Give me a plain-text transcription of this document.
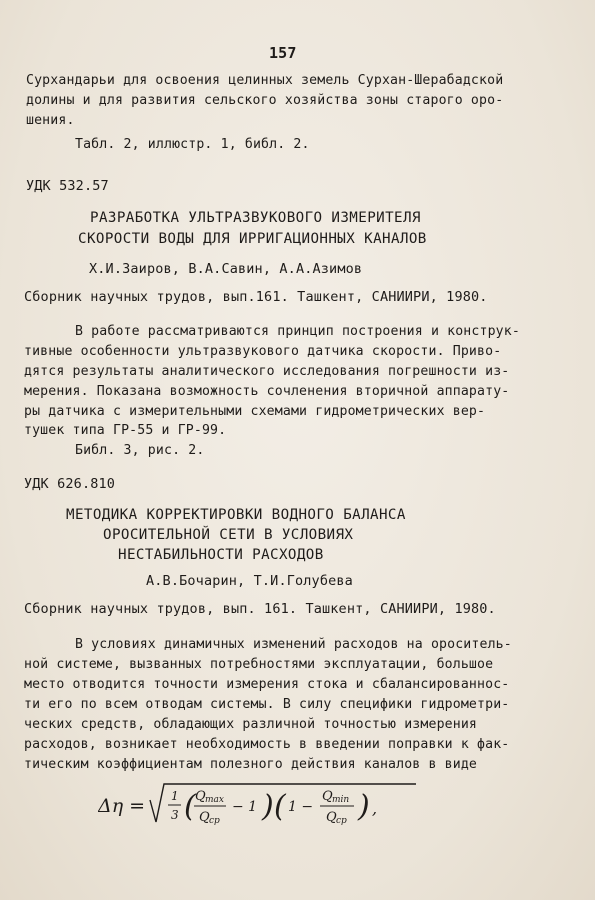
157
Сурхандарьи для освоения целинных земель Сурхан-Шерабадской
долины и для развития сельского хозяйства зоны старого оро-
шения.
Табл. 2, иллюстр. 1, библ. 2.
УДК 532.57
РАЗРАБОТКА УЛЬТРАЗВУКОВОГО ИЗМЕРИТЕЛЯ
СКОРОСТИ ВОДЫ ДЛЯ ИРРИГАЦИОННЫХ КАНАЛОВ
Х.И.Заиров, В.А.Савин, А.А.Азимов
Сборник научных трудов, вып.161. Ташкент, САНИИРИ, 1980.
В работе рассматриваются принцип построения и конструк-
тивные особенности ультразвукового датчика скорости. Приво-
дятся результаты аналитического исследования погрешности из-
мерения. Показана возможность сочленения вторичной аппарату-
ры датчика с измерительными схемами гидрометрических вер-
тушек типа ГР-55 и ГР-99.
Библ. 3, рис. 2.
УДК 626.810
МЕТОДИКА КОРРЕКТИРОВКИ ВОДНОГО БАЛАНСА
ОРОСИТЕЛЬНОЙ СЕТИ В УСЛОВИЯХ
НЕСТАБИЛЬНОСТИ РАСХОДОВ
А.В.Бочарин, Т.И.Голубева
Сборник научных трудов, вып. 161. Ташкент, САНИИРИ, 1980.
В условиях динамичных изменений расходов на ороситель-
ной системе, вызванных потребностями эксплуатации, большое
место отводится точности измерения стока и сбалансированнос-
ти его по всем отводам системы. В силу специфики гидрометри-
ческих средств, обладающих различной точностью измерения
расходов, возникает необходимость в введении поправки к фак-
тическим коэффициентам полезного действия каналов в виде
Δη = 1
3 ( Q max
Q ср
− 1 ) ( 1 −
Q min
Q ср ) ,
